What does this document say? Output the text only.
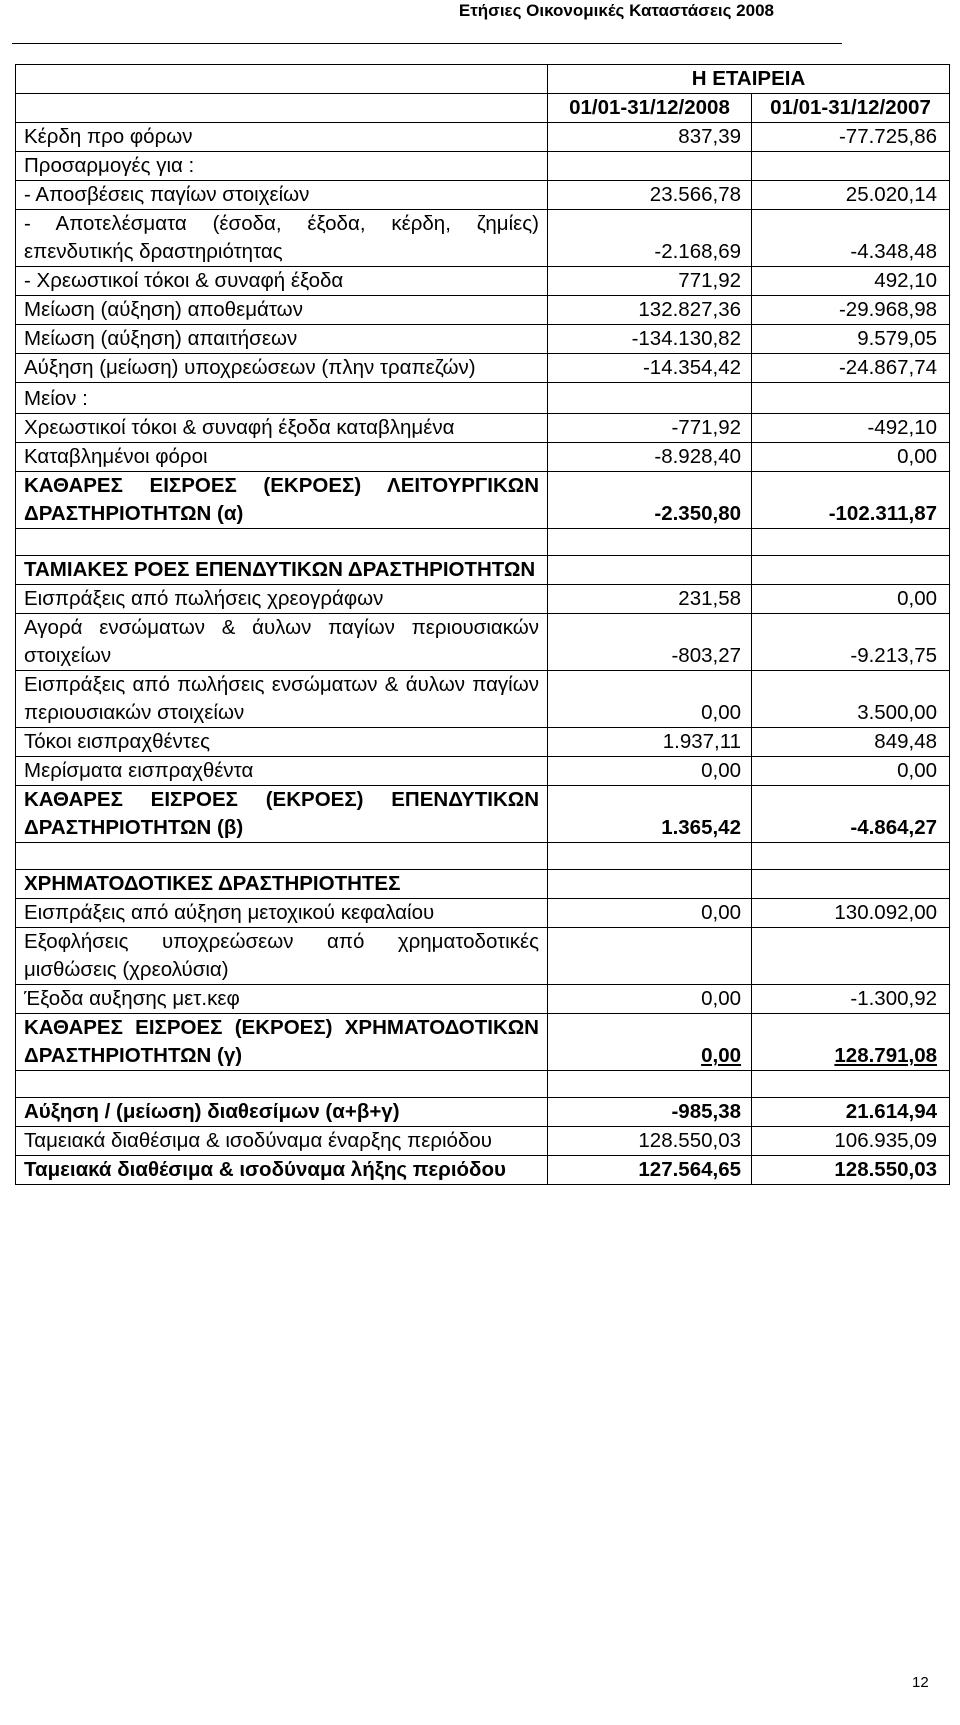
Ετήσιες Οικονομικές Καταστάσεις 2008
	Η ΕΤΑΙΡΕΙΑ	
	01/01-31/12/2008	01/01-31/12/2007
Κέρδη προ φόρων	837,39	-77.725,86
Προσαρμογές για :		
- Αποσβέσεις παγίων στοιχείων	23.566,78	25.020,14
- Αποτελέσματα (έσοδα, έξοδα, κέρδη, ζημίες) επενδυτικής δραστηριότητας	-2.168,69	-4.348,48
- Χρεωστικοί τόκοι & συναφή έξοδα	771,92	492,10
Μείωση (αύξηση) αποθεμάτων	132.827,36	-29.968,98
Μείωση (αύξηση) απαιτήσεων	-134.130,82	9.579,05
Αύξηση (μείωση) υποχρεώσεων (πλην τραπεζών)	-14.354,42	-24.867,74
Μείον :		
Χρεωστικοί τόκοι & συναφή έξοδα καταβλημένα	-771,92	-492,10
Καταβλημένοι φόροι	-8.928,40	0,00
ΚΑΘΑΡΕΣ ΕΙΣΡΟΕΣ (ΕΚΡΟΕΣ) ΛΕΙΤΟΥΡΓΙΚΩΝ ΔΡΑΣΤΗΡΙΟΤΗΤΩΝ (α)	-2.350,80	-102.311,87

ΤΑΜΙΑΚΕΣ ΡΟΕΣ ΕΠΕΝΔΥΤΙΚΩΝ ΔΡΑΣΤΗΡΙΟΤΗΤΩΝ		
Εισπράξεις από πωλήσεις χρεογράφων	231,58	0,00
Αγορά ενσώματων & άυλων παγίων περιουσιακών στοιχείων	-803,27	-9.213,75
Εισπράξεις από πωλήσεις ενσώματων & άυλων παγίων περιουσιακών στοιχείων	0,00	3.500,00
Τόκοι εισπραχθέντες	1.937,11	849,48
Μερίσματα εισπραχθέντα	0,00	0,00
ΚΑΘΑΡΕΣ ΕΙΣΡΟΕΣ (ΕΚΡΟΕΣ) ΕΠΕΝΔΥΤΙΚΩΝ ΔΡΑΣΤΗΡΙΟΤΗΤΩΝ (β)	1.365,42	-4.864,27

ΧΡΗΜΑΤΟΔΟΤΙΚΕΣ ΔΡΑΣΤΗΡΙΟΤΗΤΕΣ		
Εισπράξεις από αύξηση μετοχικού κεφαλαίου	0,00	130.092,00
Εξοφλήσεις υποχρεώσεων από χρηματοδοτικές μισθώσεις (χρεολύσια)		
Έξοδα αυξησης μετ.κεφ	0,00	-1.300,92
ΚΑΘΑΡΕΣ ΕΙΣΡΟΕΣ (ΕΚΡΟΕΣ) ΧΡΗΜΑΤΟΔΟΤΙΚΩΝ ΔΡΑΣΤΗΡΙΟΤΗΤΩΝ (γ)	0,00	128.791,08

Αύξηση / (μείωση) διαθεσίμων (α+β+γ)	-985,38	21.614,94
Ταμειακά διαθέσιμα & ισοδύναμα έναρξης περιόδου	128.550,03	106.935,09
Ταμειακά διαθέσιμα & ισοδύναμα λήξης περιόδου	127.564,65	128.550,03
12
